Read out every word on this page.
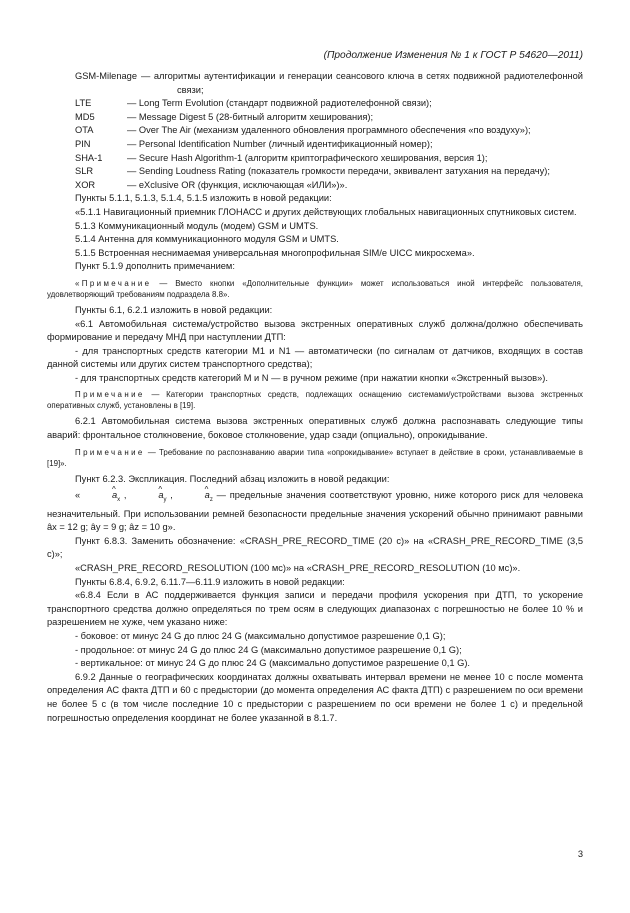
(Продолжение Изменения № 1 к ГОСТ Р 54620—2011)
GSM-Milenage — алгоритмы аутентификации и генерации сеансового ключа в сетях подвижной радиотелефонной связи;
LTE	— Long Term Evolution (стандарт подвижной радиотелефонной связи);
MD5	— Message Digest 5 (28-битный алгоритм хеширования);
OTA	— Over The Air (механизм удаленного обновления программного обеспечения «по воздуху»);
PIN	— Personal Identification Number (личный идентификационный номер);
SHA-1	— Secure Hash Algorithm-1 (алгоритм криптографического хеширования, версия 1);
SLR	— Sending Loudness Rating (показатель громкости передачи, эквивалент затухания на передачу);
XOR	— eXclusive OR (функция, исключающая «ИЛИ»)».

Пункты 5.1.1, 5.1.3, 5.1.4, 5.1.5 изложить в новой редакции:

«5.1.1 Навигационный приемник ГЛОНАСС и других действующих глобальных навигационных спутниковых систем.

5.1.3 Коммуникационный модуль (модем) GSM и UMTS.

5.1.4 Антенна для коммуникационного модуля GSM и UMTS.

5.1.5 Встроенная неснимаемая универсальная многопрофильная SIM/е UICC микросхема».

Пункт 5.1.9 дополнить примечанием:

«Примечание — Вместо кнопки «Дополнительные функции» может использоваться иной интерфейс пользователя, удовлетворяющий требованиям подраздела 8.8».

Пункты 6.1, 6.2.1 изложить в новой редакции:

«6.1 Автомобильная система/устройство вызова экстренных оперативных служб должна/должно обеспечивать формирование и передачу МНД при наступлении ДТП:

- для транспортных средств категории М1 и N1 — автоматически (по сигналам от датчиков, входящих в состав данной системы или других систем транспортного средства);

- для транспортных средств категорий М и N — в ручном режиме (при нажатии кнопки «Экстренный вызов»).

Примечание — Категории транспортных средств, подлежащих оснащению системами/устройствами вызова экстренных оперативных служб, установлены в [19].

6.2.1 Автомобильная система вызова экстренных оперативных служб должна распознавать следующие типы аварий: фронтальное столкновение, боковое столкновение, удар сзади (опциально), опрокидывание.

Примечание — Требование по распознаванию аварии типа «опрокидывание» вступает в действие в сроки, устанавливаемые в [19]».

Пункт 6.2.3. Экспликация. Последний абзац изложить в новой редакции:

«	^ $a_x$ ,	^ $a_y$ ,	^ $a_z$ — предельные значения соответствуют уровню, ниже которого риск для человека незначительный. При использовании ремней безопасности предельные значения ускорений обычно принимают равными âx = 12 g; ây = 9 g; âz = 10 g».

Пункт 6.8.3. Заменить обозначение: «CRASH_PRE_RECORD_TIME (20 с)» на «CRASH_PRE_RECORD_TIME (3,5 с)»;

«CRASH_PRE_RECORD_RESOLUTION (100 мс)» на «CRASH_PRE_RECORD_RESOLUTION (10 мс)».

Пункты 6.8.4, 6.9.2, 6.11.7—6.11.9 изложить в новой редакции:

«6.8.4 Если в АС поддерживается функция записи и передачи профиля ускорения при ДТП, то ускорение транспортного средства должно определяться по трем осям в следующих диапазонах с погрешностью не более 10 % и разрешением не хуже, чем указано ниже:

- боковое: от минус 24 G до плюс 24 G (максимально допустимое разрешение 0,1 G);

- продольное: от минус 24 G до плюс 24 G (максимально допустимое разрешение 0,1 G);

- вертикальное: от минус 24 G до плюс 24 G (максимально допустимое разрешение 0,1 G).

6.9.2 Данные о географических координатах должны охватывать интервал времени не менее 10 с после момента определения АС факта ДТП и 60 с предыстории (до момента определения АС факта ДТП) с разрешением по оси времени не более 5 с (в том числе последние 10 с предыстории с разрешением по оси времени не более 1 с) и предельной погрешностью определения координат не более указанной в 8.1.7.

3
